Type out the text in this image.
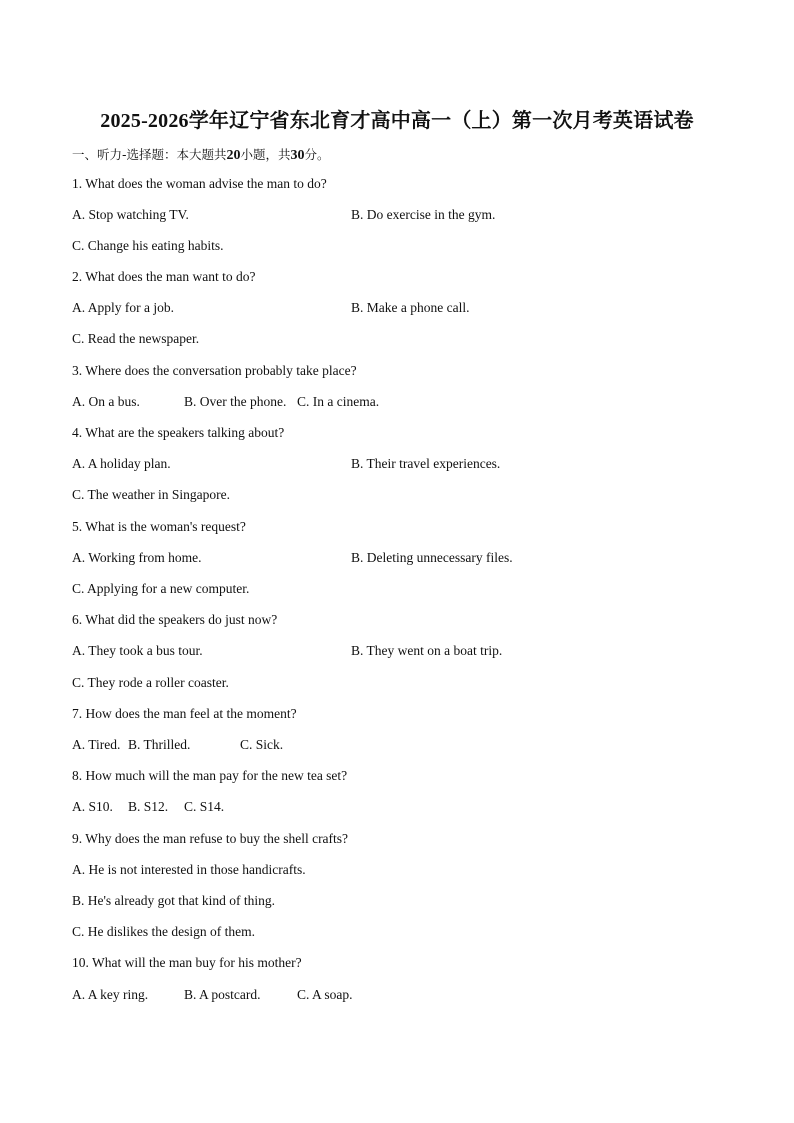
2025-2026学年辽宁省东北育才高中高一（上）第一次月考英语试卷
一、听力-选择题：本大题共20小题，共30分。
1. What does the woman advise the man to do?
A. Stop watching TV.	B. Do exercise in the gym.
C. Change his eating habits.
2. What does the man want to do?
A. Apply for a job.	B. Make a phone call.
C. Read the newspaper.
3. Where does the conversation probably take place?
A. On a bus.	B. Over the phone. C. In a cinema.
4. What are the speakers talking about?
A. A holiday plan.	B. Their travel experiences.
C. The weather in Singapore.
5. What is the woman's request?
A. Working from home.	B. Deleting unnecessary files.
C. Applying for a new computer.
6. What did the speakers do just now?
A. They took a bus tour.	B. They went on a boat trip.
C. They rode a roller coaster.
7. How does the man feel at the moment?
A. Tired. B. Thrilled.	C. Sick.
8. How much will the man pay for the new tea set?
A. S10. B. S12. C. S14.
9. Why does the man refuse to buy the shell crafts?
A. He is not interested in those handicrafts.
B. He's already got that kind of thing.
C. He dislikes the design of them.
10. What will the man buy for his mother?
A. A key ring.	B. A postcard.	C. A soap.
